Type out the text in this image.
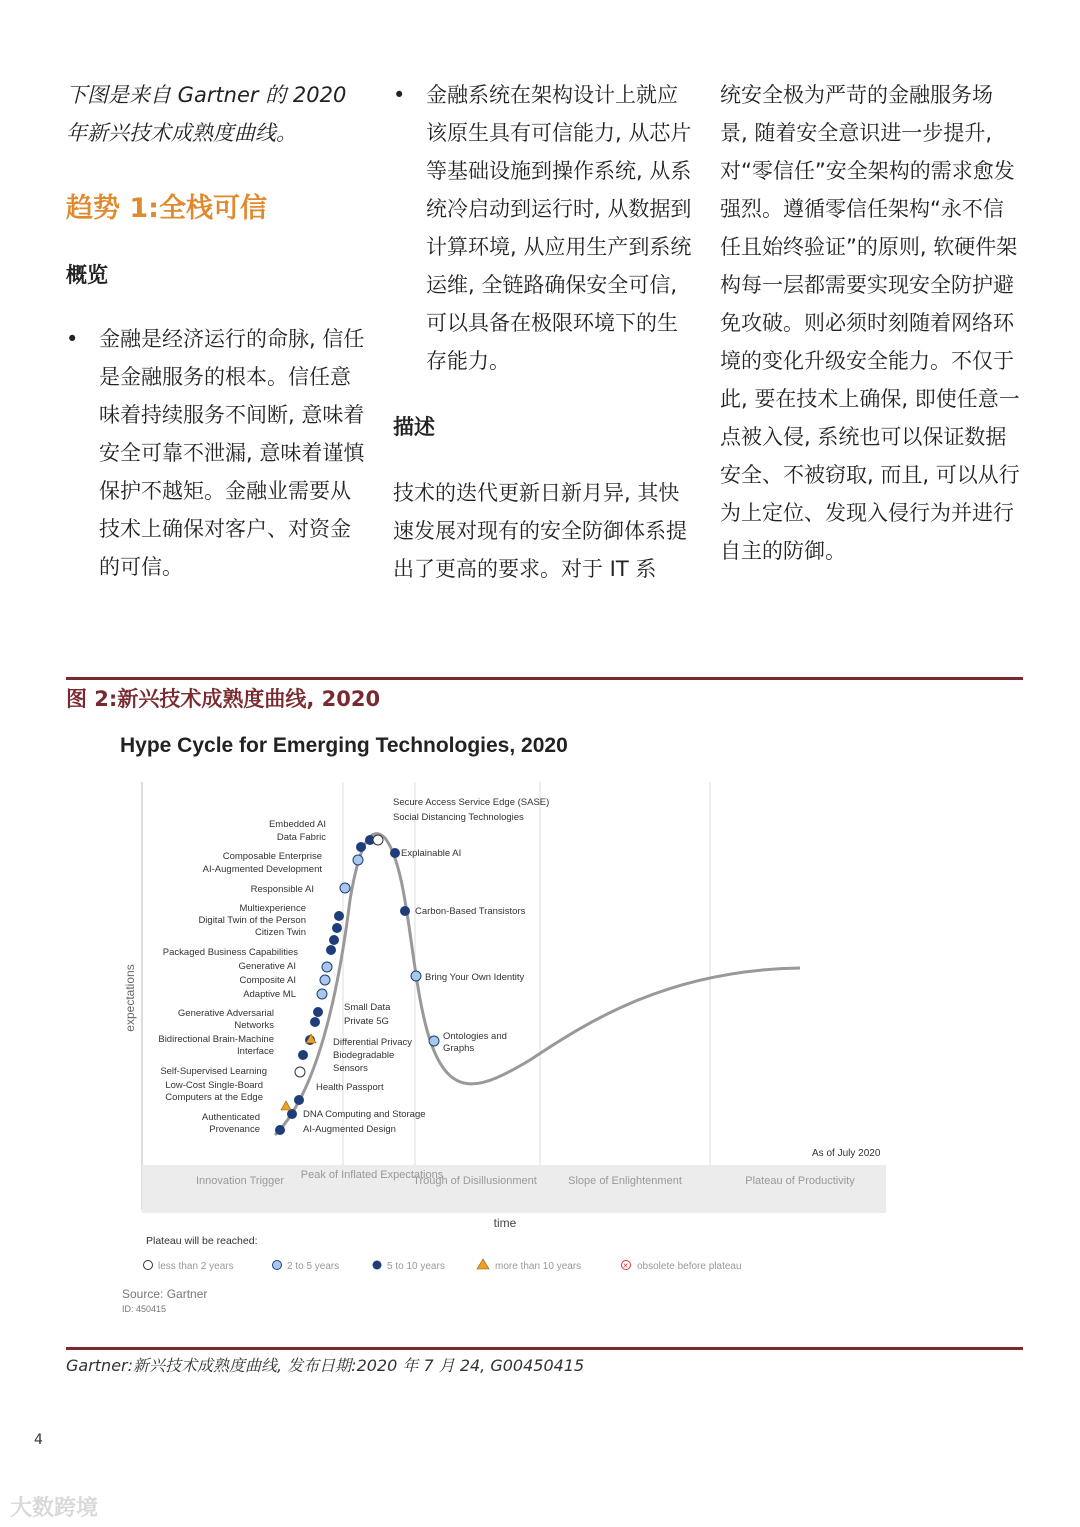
下图是来自 Gartner 的 2020 年新兴技术成熟度曲线。

趋势 1:全栈可信
概览
• 金融是经济运行的命脉, 信任是金融服务的根本。信任意味着持续服务不间断, 意味着安全可靠不泄漏, 意味着谨慎保护不越矩。金融业需要从技术上确保对客户、对资金的可信。
• 金融系统在架构设计上就应该原生具有可信能力, 从芯片等基础设施到操作系统, 从系统冷启动到运行时, 从数据到计算环境, 从应用生产到系统运维, 全链路确保安全可信, 可以具备在极限环境下的生存能力。
描述

技术的迭代更新日新月异, 其快速发展对现有的安全防御体系提出了更高的要求。对于 IT 系

统安全极为严苛的金融服务场景, 随着安全意识进一步提升, 对“零信任”安全架构的需求愈发强烈。遵循零信任架构“永不信任且始终验证”的原则, 软硬件架构每一层都需要实现安全防护避免攻破。则必须时刻随着网络环境的变化升级安全能力。不仅于此, 要在技术上确保, 即使任意一点被入侵, 系统也可以保证数据安全、不被窃取, 而且, 可以从行为上定位、发现入侵行为并进行自主的防御。

图 2:新兴技术成熟度曲线, 2020
Hype Cycle for Emerging Technologies, 2020
Innovation Trigger Peak of Inflated Expectations
Trough of Disillusionment	Slope of Enlightenment	Plateau of Productivity
expectations
time
As of July 2020
Embedded AI
Data Fabric
Composable Enterprise
AI-Augmented Development
Responsible AI
Multiexperience
Digital Twin of the Person
Citizen Twin
Packaged Business Capabilities
Generative AI
Composite AI
Adaptive ML
Generative Adversarial
Networks
Bidirectional Brain-Machine
Interface
Self-Supervised Learning
Low-Cost Single-Board
Computers at the Edge
Authenticated
Provenance
Secure Access Service Edge (SASE)
Social Distancing Technologies
Explainable AI
Carbon-Based Transistors
Bring Your Own Identity
Ontologies and
Graphs
Small Data
Private 5G
Differential Privacy
Biodegradable
Sensors
Health Passport
DNA Computing and Storage
AI-Augmented Design
Plateau will be reached:
less than 2 years	2 to 5 years	5 to 10 years	more than 10 years	✕ obsolete before plateau
Source: Gartner
ID: 450415
Gartner:新兴技术成熟度曲线, 发布日期:2020 年 7 月 24, G00450415
4
大数跨境
